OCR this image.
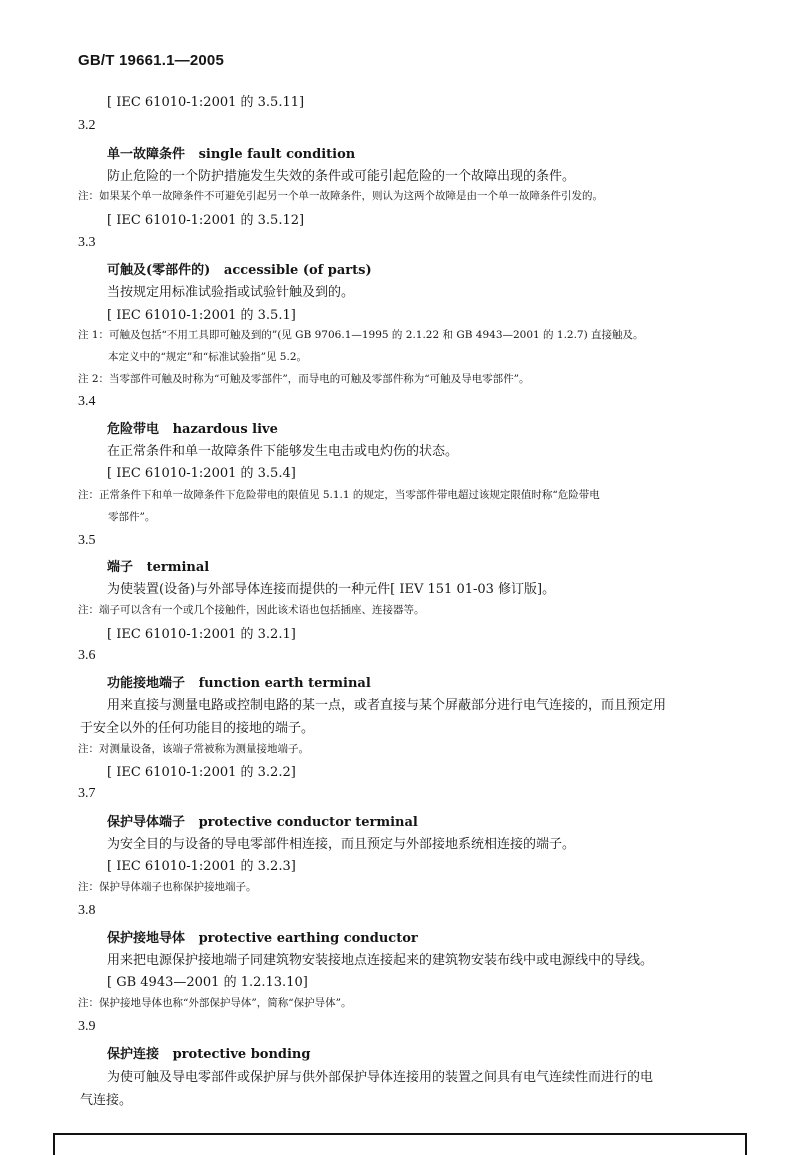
GB/T 19661.1—2005
[ IEC 61010-1:2001 的 3.5.11]
3.2
单一故障条件 single fault condition
防止危险的一个防护措施发生失效的条件或可能引起危险的一个故障出现的条件。
注：如果某个单一故障条件不可避免引起另一个单一故障条件，则认为这两个故障是由一个单一故障条件引发的。
[ IEC 61010-1:2001 的 3.5.12]
3.3
可触及(零部件的) accessible (of parts)
当按规定用标准试验指或试验针触及到的。
[ IEC 61010-1:2001 的 3.5.1]
注 1：可触及包括“不用工具即可触及到的”(见 GB 9706.1—1995 的 2.1.22 和 GB 4943—2001 的 1.2.7) 直接触及。
本定义中的“规定”和“标准试验指”见 5.2。
注 2：当零部件可触及时称为“可触及零部件”，而导电的可触及零部件称为“可触及导电零部件”。
3.4
危险带电 hazardous live
在正常条件和单一故障条件下能够发生电击或电灼伤的状态。
[ IEC 61010-1:2001 的 3.5.4]
注：正常条件下和单一故障条件下危险带电的限值见 5.1.1 的规定，当零部件带电超过该规定限值时称“危险带电
零部件”。
3.5
端子 terminal
为使装置(设备)与外部导体连接而提供的一种元件[ IEV 151 01-03 修订版]。
注：端子可以含有一个或几个接触件，因此该术语也包括插座、连接器等。
[ IEC 61010-1:2001 的 3.2.1]
3.6
功能接地端子 function earth terminal
用来直接与测量电路或控制电路的某一点，或者直接与某个屏蔽部分进行电气连接的，而且预定用
于安全以外的任何功能目的接地的端子。
注：对测量设备，该端子常被称为测量接地端子。
[ IEC 61010-1:2001 的 3.2.2]
3.7
保护导体端子 protective conductor terminal
为安全目的与设备的导电零部件相连接，而且预定与外部接地系统相连接的端子。
[ IEC 61010-1:2001 的 3.2.3]
注：保护导体端子也称保护接地端子。
3.8
保护接地导体 protective earthing conductor
用来把电源保护接地端子同建筑物安装接地点连接起来的建筑物安装布线中或电源线中的导线。
[ GB 4943—2001 的 1.2.13.10]
注：保护接地导体也称“外部保护导体”，简称“保护导体”。
3.9
保护连接 protective bonding
为使可触及导电零部件或保护屏与供外部保护导体连接用的装置之间具有电气连续性而进行的电
气连接。
